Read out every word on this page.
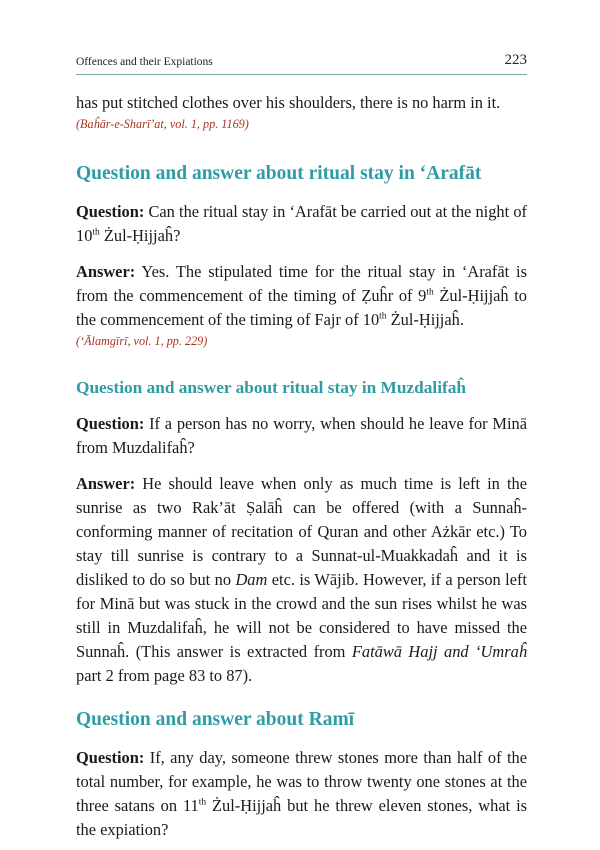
Offences and their Expiations	223

has put stitched clothes over his shoulders, there is no harm in it.

(Baĥār-e-Sharī’at, vol. 1, pp. 1169)

Question and answer about ritual stay in ‘Arafāt

Question: Can the ritual stay in ‘Arafāt be carried out at the night of 10th Żul-Ḥijjaĥ?

Answer: Yes. The stipulated time for the ritual stay in ‘Arafāt is from the commencement of the timing of Ẓuĥr of 9th Żul-Ḥijjaĥ to the commencement of the timing of Fajr of 10th Żul-Ḥijjaĥ.

(‘Ālamgīrī, vol. 1, pp. 229)

Question and answer about ritual stay in Muzdalifaĥ

Question: If a person has no worry, when should he leave for Minā from Muzdalifaĥ?

Answer: He should leave when only as much time is left in the sunrise as two Rak’āt Ṣalāĥ can be offered (with a Sunnaĥ-conforming manner of recitation of Quran and other Ażkār etc.) To stay till sunrise is contrary to a Sunnat-ul-Muakkadaĥ and it is disliked to do so but no Dam etc. is Wājib. However, if a person left for Minā but was stuck in the crowd and the sun rises whilst he was still in Muzdalifaĥ, he will not be considered to have missed the Sunnaĥ. (This answer is extracted from Fatāwā Hajj and ‘Umraĥ part 2 from page 83 to 87).

Question and answer about Ramī

Question: If, any day, someone threw stones more than half of the total number, for example, he was to throw twenty one stones at the three satans on 11th Żul-Ḥijjaĥ but he threw eleven stones, what is the expiation?
